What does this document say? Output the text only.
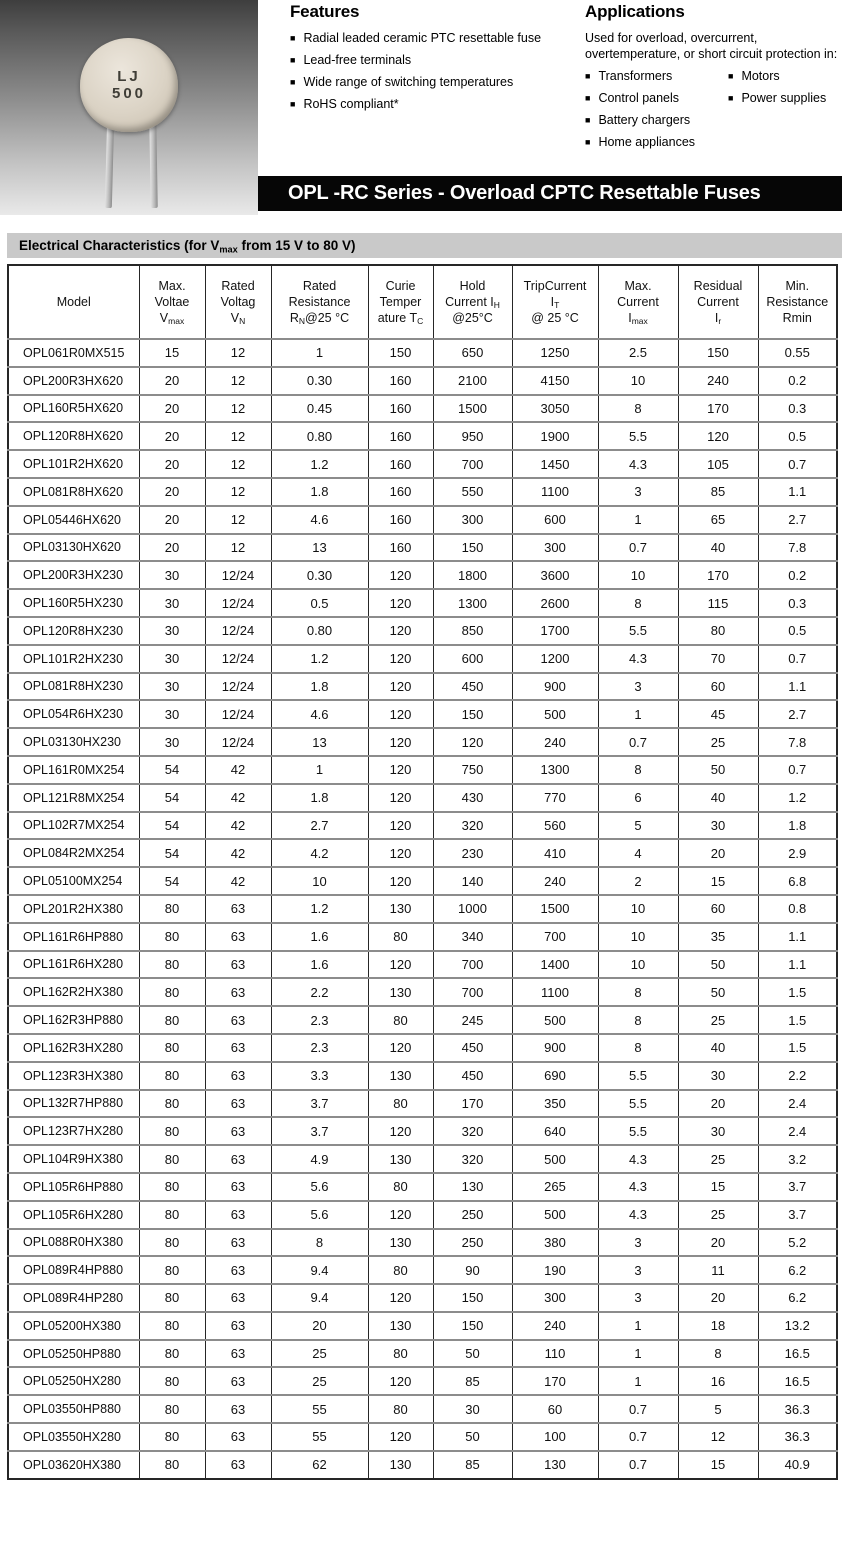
LJ
500
Features
■ Radial leaded ceramic PTC resettable fuse
■ Lead-free terminals
■ Wide range of switching temperatures
■ RoHS compliant*
Applications

Used for overload, overcurrent, overtemperature, or short circuit protection in:

■ Transformers
■ Control panels
■ Battery chargers
■ Home appliances
■ Motors
■ Power supplies
OPL -RC Series - Overload CPTC Resettable Fuses
Electrical Characteristics (for $V_{max}$ from 15 V to 80 V)
Model

Max.
Voltae
$V_{max}$

Rated
Voltag
$V_N$

Rated
Resistance
$R_N@25$ °C

Curie
Temper
ature $T_C$

Hold
Current $I_H$
@25°C

TripCurrent
$I_T$
@ 25 °C

Max.
Current
$I_{max}$

Residual
Current
$I_r$

Min.
Resistance
Rmin

OPL061R0MX515	15	12	1	150	650	1250	2.5	150	0.55
OPL200R3HX620	20	12	0.30	160	2100	4150	10	240	0.2
OPL160R5HX620	20	12	0.45	160	1500	3050	8	170	0.3
OPL120R8HX620	20	12	0.80	160	950	1900	5.5	120	0.5
OPL101R2HX620	20	12	1.2	160	700	1450	4.3	105	0.7
OPL081R8HX620	20	12	1.8	160	550	1100	3	85	1.1
OPL05446HX620	20	12	4.6	160	300	600	1	65	2.7
OPL03130HX620	20	12	13	160	150	300	0.7	40	7.8
OPL200R3HX230	30	12/24	0.30	120	1800	3600	10	170	0.2
OPL160R5HX230	30	12/24	0.5	120	1300	2600	8	115	0.3
OPL120R8HX230	30	12/24	0.80	120	850	1700	5.5	80	0.5
OPL101R2HX230	30	12/24	1.2	120	600	1200	4.3	70	0.7
OPL081R8HX230	30	12/24	1.8	120	450	900	3	60	1.1
OPL054R6HX230	30	12/24	4.6	120	150	500	1	45	2.7
OPL03130HX230	30	12/24	13	120	120	240	0.7	25	7.8
OPL161R0MX254	54	42	1	120	750	1300	8	50	0.7
OPL121R8MX254	54	42	1.8	120	430	770	6	40	1.2
OPL102R7MX254	54	42	2.7	120	320	560	5	30	1.8
OPL084R2MX254	54	42	4.2	120	230	410	4	20	2.9
OPL05100MX254	54	42	10	120	140	240	2	15	6.8
OPL201R2HX380	80	63	1.2	130	1000	1500	10	60	0.8
OPL161R6HP880	80	63	1.6	80	340	700	10	35	1.1
OPL161R6HX280	80	63	1.6	120	700	1400	10	50	1.1
OPL162R2HX380	80	63	2.2	130	700	1100	8	50	1.5
OPL162R3HP880	80	63	2.3	80	245	500	8	25	1.5
OPL162R3HX280	80	63	2.3	120	450	900	8	40	1.5
OPL123R3HX380	80	63	3.3	130	450	690	5.5	30	2.2
OPL132R7HP880	80	63	3.7	80	170	350	5.5	20	2.4
OPL123R7HX280	80	63	3.7	120	320	640	5.5	30	2.4
OPL104R9HX380	80	63	4.9	130	320	500	4.3	25	3.2
OPL105R6HP880	80	63	5.6	80	130	265	4.3	15	3.7
OPL105R6HX280	80	63	5.6	120	250	500	4.3	25	3.7
OPL088R0HX380	80	63	8	130	250	380	3	20	5.2
OPL089R4HP880	80	63	9.4	80	90	190	3	11	6.2
OPL089R4HP280	80	63	9.4	120	150	300	3	20	6.2
OPL05200HX380	80	63	20	130	150	240	1	18	13.2
OPL05250HP880	80	63	25	80	50	110	1	8	16.5
OPL05250HX280	80	63	25	120	85	170	1	16	16.5
OPL03550HP880	80	63	55	80	30	60	0.7	5	36.3
OPL03550HX280	80	63	55	120	50	100	0.7	12	36.3
OPL03620HX380	80	63	62	130	85	130	0.7	15	40.9
